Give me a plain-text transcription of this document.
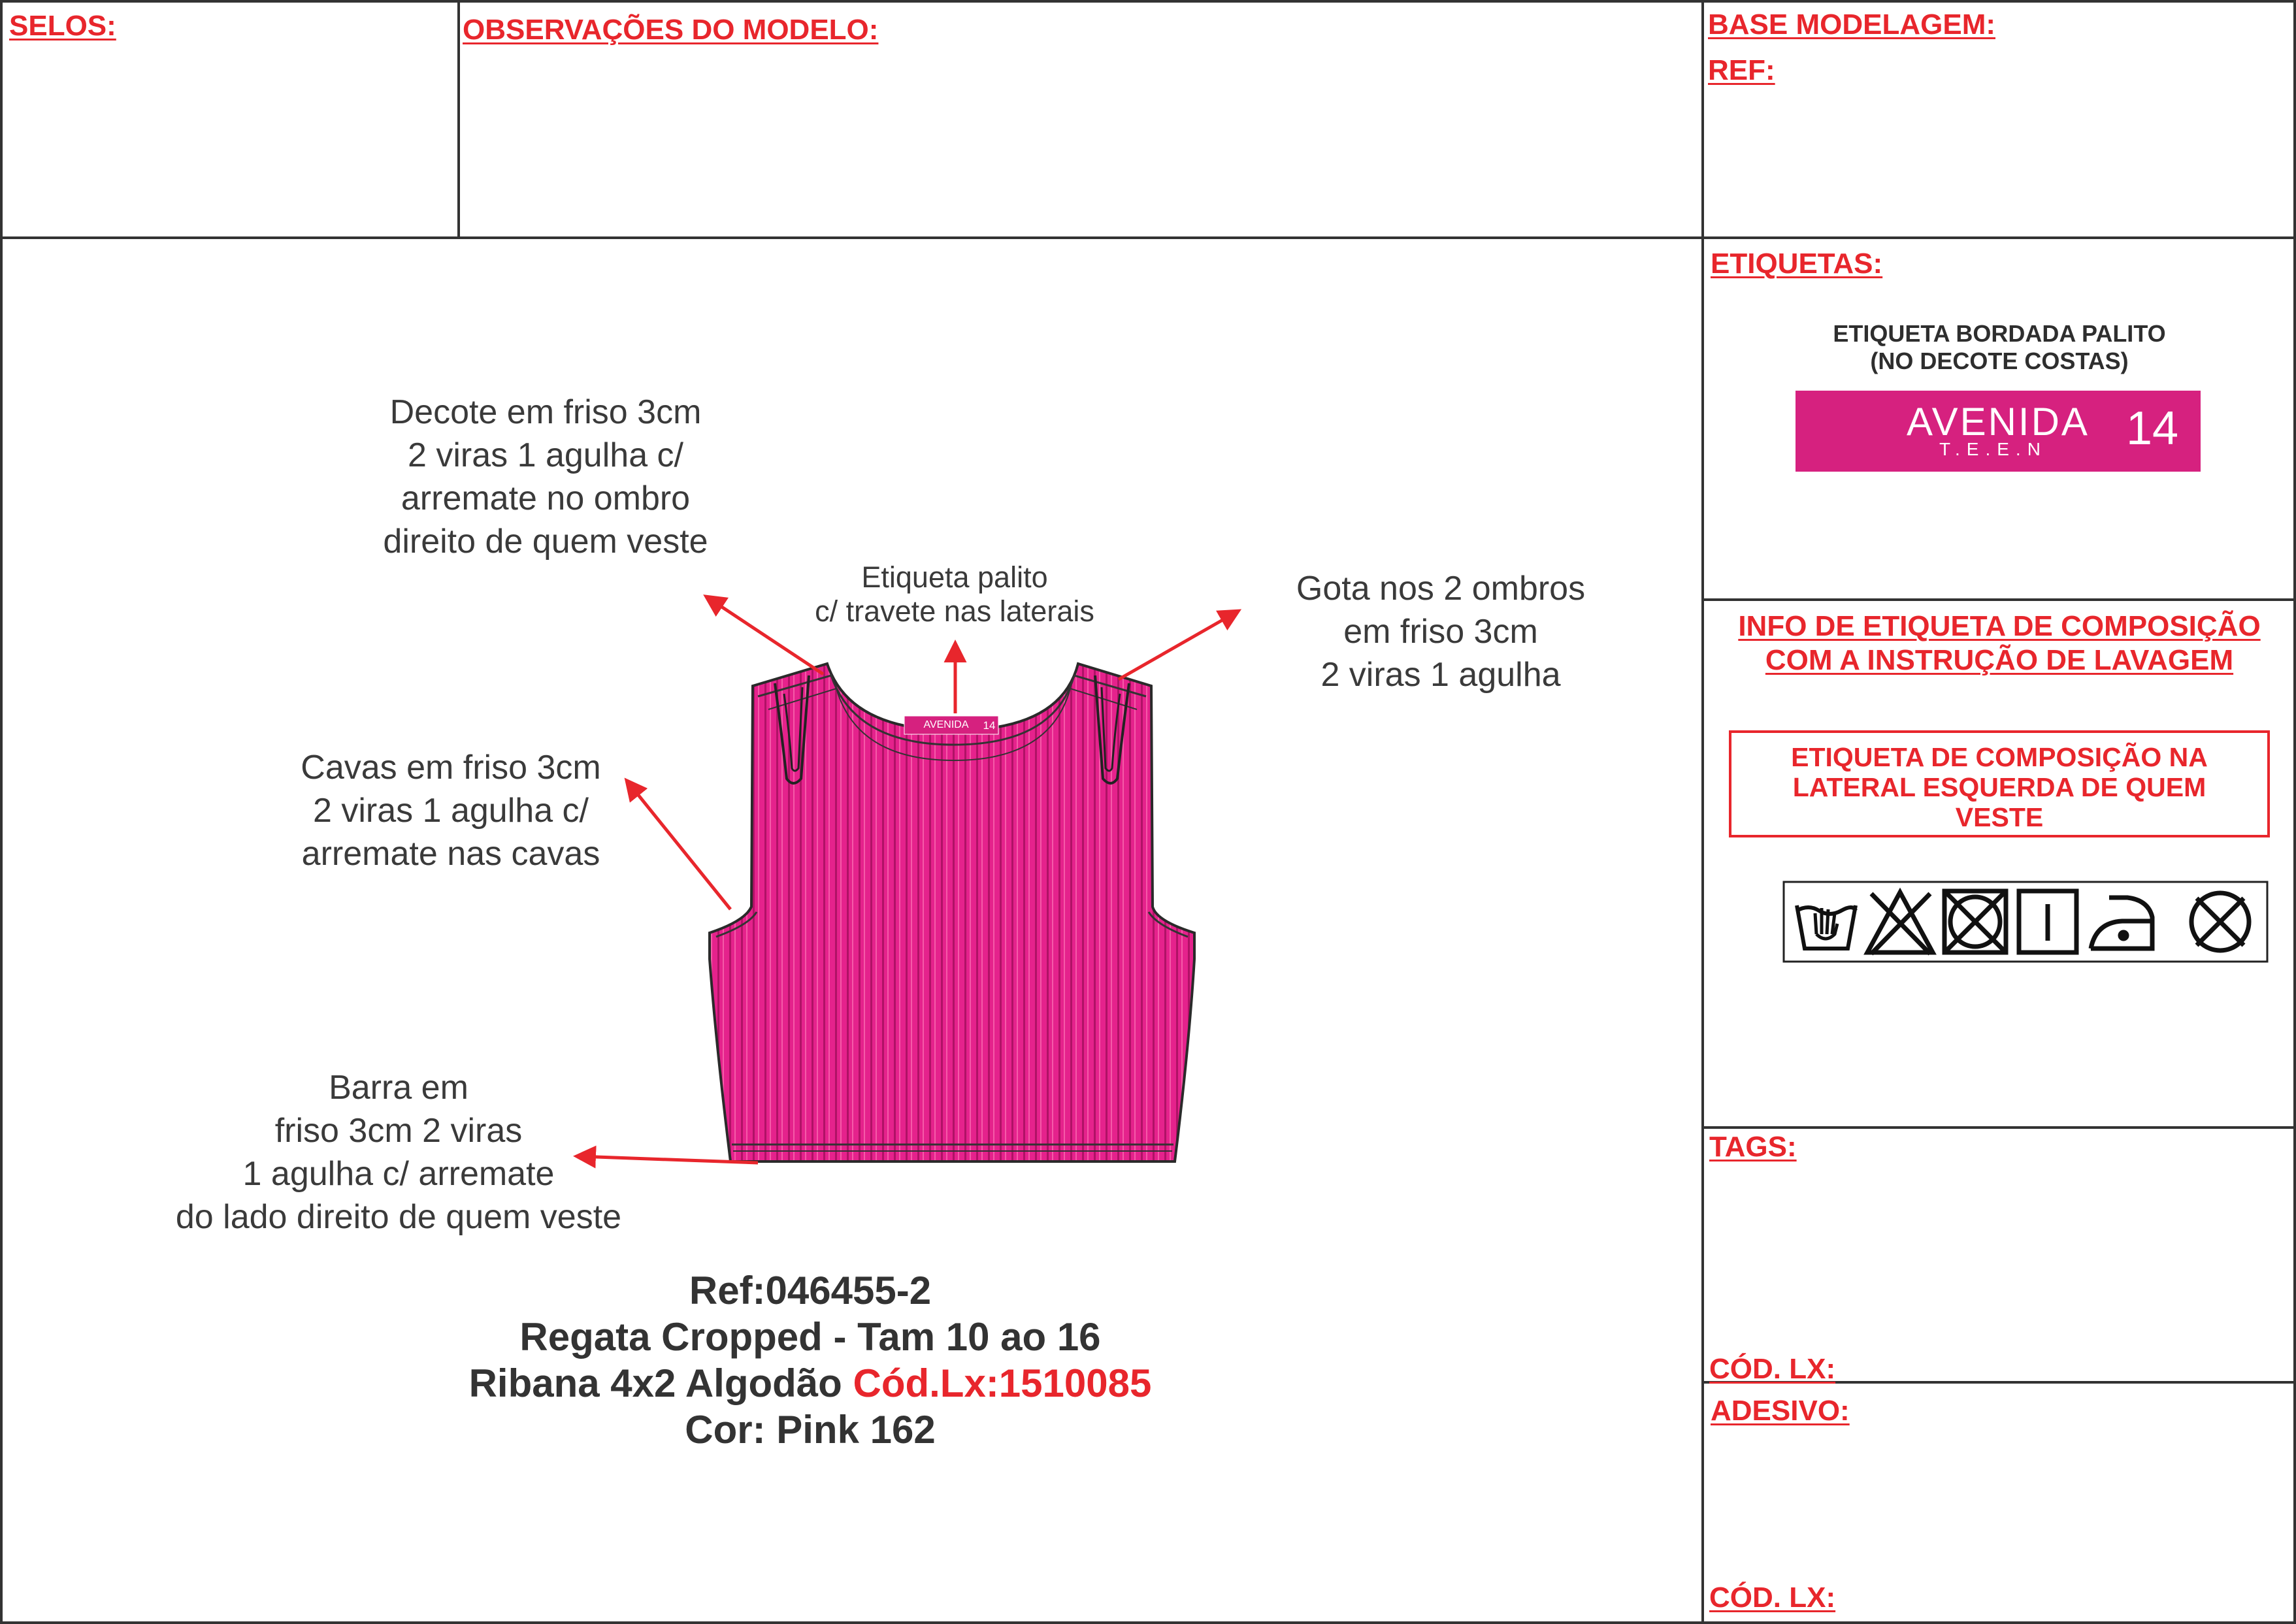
SELOS:	OBSERVAÇÕES DO MODELO:	BASE MODELAGEM:
REF:
ETIQUETAS:
ETIQUETA BORDADA PALITO
(NO DECOTE COSTAS)
AVENIDA
T.E.E.N 14
INFO DE ETIQUETA DE COMPOSIÇÃO
COM A INSTRUÇÃO DE LAVAGEM
ETIQUETA DE COMPOSIÇÃO NA
LATERAL ESQUERDA DE QUEM
VESTE
TAGS:
CÓD. LX:
ADESIVO:
CÓD. LX:
AVENIDA 14
Decote em friso 3cm
2 viras 1 agulha c/
arremate no ombro
direito de quem veste
Etiqueta palito
c/ travete nas laterais
Gota nos 2 ombros
em friso 3cm
2 viras 1 agulha
Cavas em friso 3cm
2 viras 1 agulha c/
arremate nas cavas
Barra em
friso 3cm 2 viras
1 agulha c/ arremate
do lado direito de quem veste
Ref:046455-2
Regata Cropped - Tam 10 ao 16
Ribana 4x2 Algodão Cód.Lx:1510085
Cor: Pink 162
